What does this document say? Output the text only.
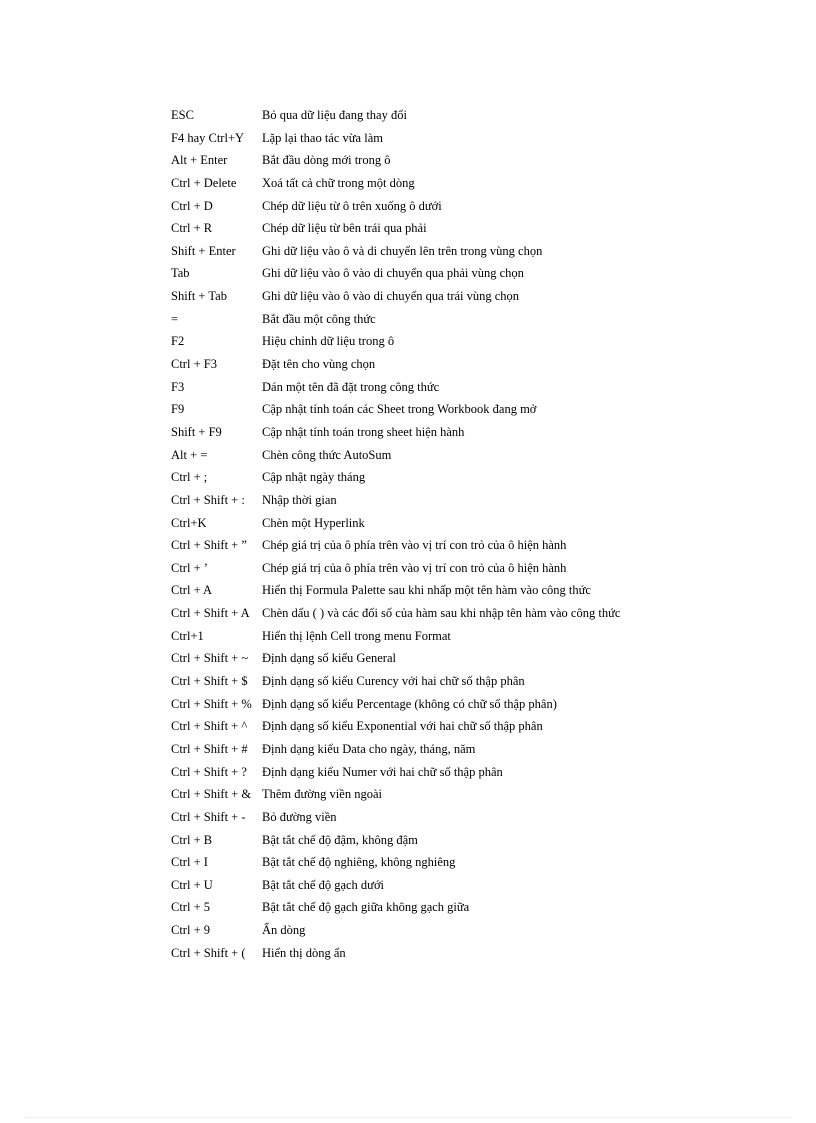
ESC	Bỏ qua dữ liệu đang thay đổi
F4 hay Ctrl+Y	Lặp lại thao tác vừa làm
Alt + Enter	Bắt đầu dòng mới trong ô
Ctrl + Delete	Xoá tất cả chữ trong một dòng
Ctrl + D	Chép dữ liệu từ ô trên xuống ô dưới
Ctrl + R	Chép dữ liệu từ bên trái qua phải
Shift + Enter	Ghi dữ liệu vào ô và di chuyển lên trên trong vùng chọn
Tab	Ghi dữ liệu vào ô vào di chuyển qua phải vùng chọn
Shift + Tab	Ghi dữ liệu vào ô vào di chuyển qua trái vùng chọn
=	Bắt đầu một công thức
F2	Hiệu chỉnh dữ liệu trong ô
Ctrl + F3	Đặt tên cho vùng chọn
F3	Dán một tên đã đặt trong công thức
F9	Cập nhật tính toán các Sheet trong Workbook đang mở
Shift + F9	Cập nhật tính toán trong sheet hiện hành
Alt + =	Chèn công thức AutoSum
Ctrl + ;	Cập nhật ngày tháng
Ctrl + Shift + :	Nhập thời gian
Ctrl+K	Chèn một Hyperlink
Ctrl + Shift + ”	Chép giá trị của ô phía trên vào vị trí con trỏ của ô hiện hành
Ctrl + ’	Chép giá trị của ô phía trên vào vị trí con trỏ của ô hiện hành
Ctrl + A	Hiển thị Formula Palette sau khi nhấp một tên hàm vào công thức
Ctrl + Shift + A Chèn dấu ( ) và các đối số của hàm sau khi nhập tên hàm vào công thức
Ctrl+1	Hiển thị lệnh Cell trong menu Format
Ctrl + Shift + ~	Định dạng số kiểu General
Ctrl + Shift + $	Định dạng số kiểu Curency với hai chữ số thập phân
Ctrl + Shift + % Định dạng số kiểu Percentage (không có chữ số thập phân)
Ctrl + Shift + ^	Định dạng số kiểu Exponential với hai chữ số thập phân
Ctrl + Shift + #	Định dạng kiểu Data cho ngày, tháng, năm
Ctrl + Shift + ?	Định dạng kiểu Numer với hai chữ số thập phân
Ctrl + Shift + & Thêm đường viền ngoài
Ctrl + Shift + -	Bỏ đường viền
Ctrl + B	Bật tắt chế độ đậm, không đậm
Ctrl + I	Bật tắt chế độ nghiêng, không nghiêng
Ctrl + U	Bật tắt chế độ gạch dưới
Ctrl + 5	Bật tắt chế độ gạch giữa không gạch giữa
Ctrl + 9	Ẩn dòng
Ctrl + Shift + (	Hiển thị dòng ẩn
